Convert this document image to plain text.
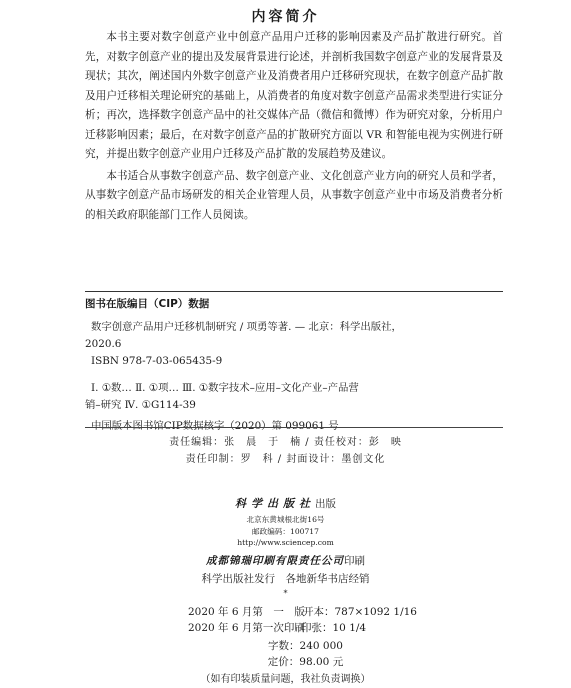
内容简介

本书主要对数字创意产业中创意产品用户迁移的影响因素及产品扩散进行研究。首先，对数字创意产业的提出及发展背景进行论述，并剖析我国数字创意产业的发展背景及现状；其次，阐述国内外数字创意产业及消费者用户迁移研究现状，在数字创意产品扩散及用户迁移相关理论研究的基础上，从消费者的角度对数字创意产品需求类型进行实证分析；再次，选择数字创意产品中的社交媒体产品（微信和微博）作为研究对象，分析用户迁移影响因素；最后，在对数字创意产品的扩散研究方面以 VR 和智能电视为实例进行研究，并提出数字创意产业用户迁移及产品扩散的发展趋势及建议。

本书适合从事数字创意产品、数字创意产业、文化创意产业方向的研究人员和学者，从事数字创意产品市场研发的相关企业管理人员，从事数字创意产业中市场及消费者分析的相关政府职能部门工作人员阅读。

图书在版编目（CIP）数据
数字创意产品用户迁移机制研究 / 项勇等著. — 北京：科学出版社，
2020.6
ISBN 978-7-03-065435-9
Ⅰ. ①数… Ⅱ. ①项… Ⅲ. ①数字技术–应用–文化产业–产品营
销–研究 Ⅳ. ①G114-39
中国版本图书馆CIP数据核字（2020）第 099061 号
责任编辑：张　晨　于　楠 / 责任校对：彭　映
责任印制：罗　科 / 封面设计：墨创文化
科学出版社出版
北京东黄城根北街16号
邮政编码：100717
http://www.sciencep.com
成都锦瑞印刷有限责任公司印刷
科学出版社发行　各地新华书店经销
*
2020 年 6 月第　一　版
开本：787×1092 1/16
2020 年 6 月第一次印刷
印张：10 1/4
字数：240 000
定价：98.00 元
（如有印装质量问题，我社负责调换）
